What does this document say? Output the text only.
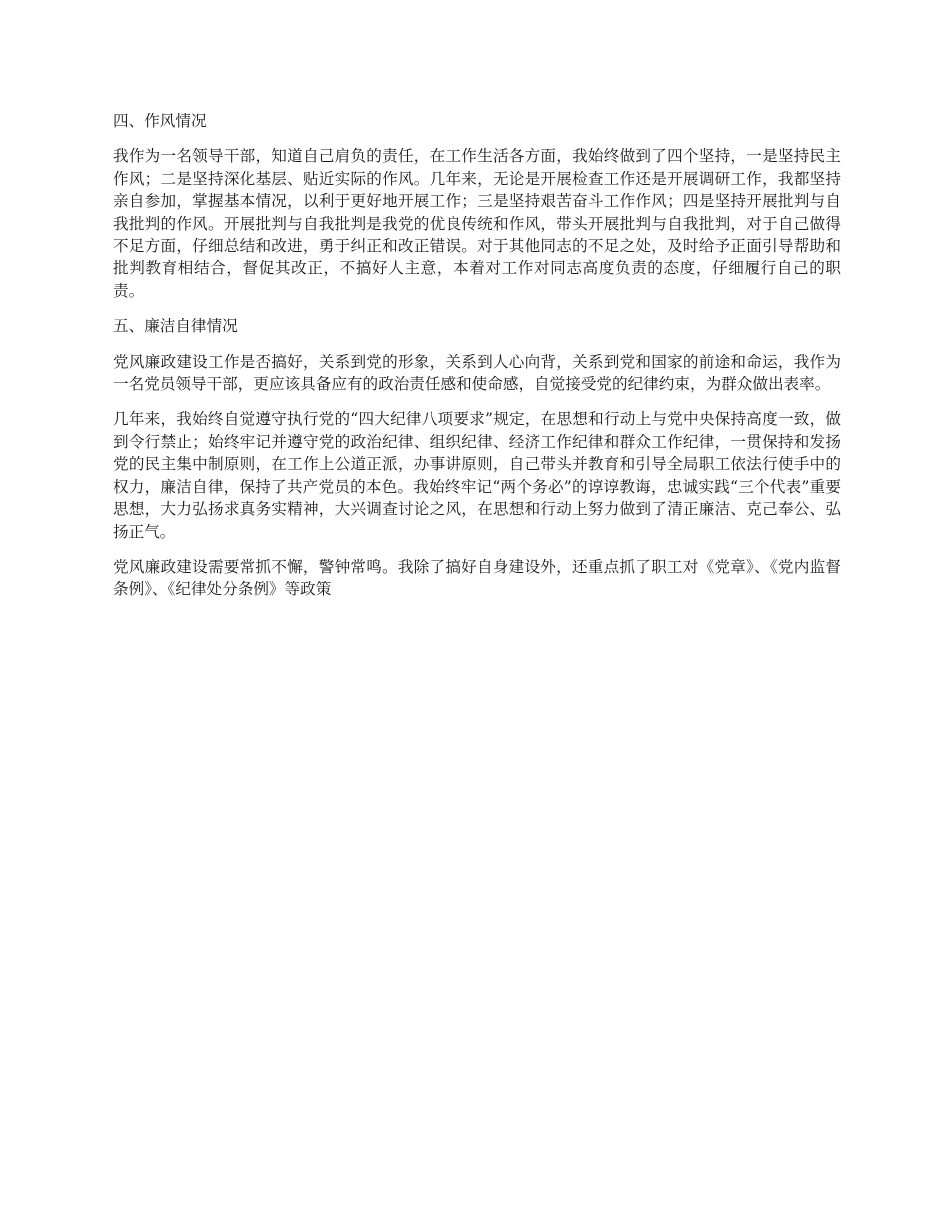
四、作风情况
我作为一名领导干部，知道自己肩负的责任，在工作生活各方面，我始终做到了四个坚持，一是坚持民主作风；二是坚持深化基层、贴近实际的作风。几年来，无论是开展检查工作还是开展调研工作，我都坚持亲自参加，掌握基本情况，以利于更好地开展工作；三是坚持艰苦奋斗工作作风；四是坚持开展批判与自我批判的作风。开展批判与自我批判是我党的优良传统和作风，带头开展批判与自我批判，对于自己做得不足方面，仔细总结和改进，勇于纠正和改正错误。对于其他同志的不足之处，及时给予正面引导帮助和批判教育相结合，督促其改正，不搞好人主意，本着对工作对同志高度负责的态度，仔细履行自己的职责。
五、廉洁自律情况
党风廉政建设工作是否搞好，关系到党的形象，关系到人心向背，关系到党和国家的前途和命运，我作为一名党员领导干部，更应该具备应有的政治责任感和使命感，自觉接受党的纪律约束，为群众做出表率。
几年来，我始终自觉遵守执行党的“四大纪律八项要求”规定，在思想和行动上与党中央保持高度一致，做到令行禁止；始终牢记并遵守党的政治纪律、组织纪律、经济工作纪律和群众工作纪律，一贯保持和发扬党的民主集中制原则，在工作上公道正派，办事讲原则，自己带头并教育和引导全局职工依法行使手中的权力，廉洁自律，保持了共产党员的本色。我始终牢记“两个务必”的谆谆教诲，忠诚实践“三个代表”重要思想，大力弘扬求真务实精神，大兴调查讨论之风，在思想和行动上努力做到了清正廉洁、克己奉公、弘扬正气。
党风廉政建设需要常抓不懈，警钟常鸣。我除了搞好自身建设外，还重点抓了职工对《党章》、《党内监督条例》、《纪律处分条例》等政策
